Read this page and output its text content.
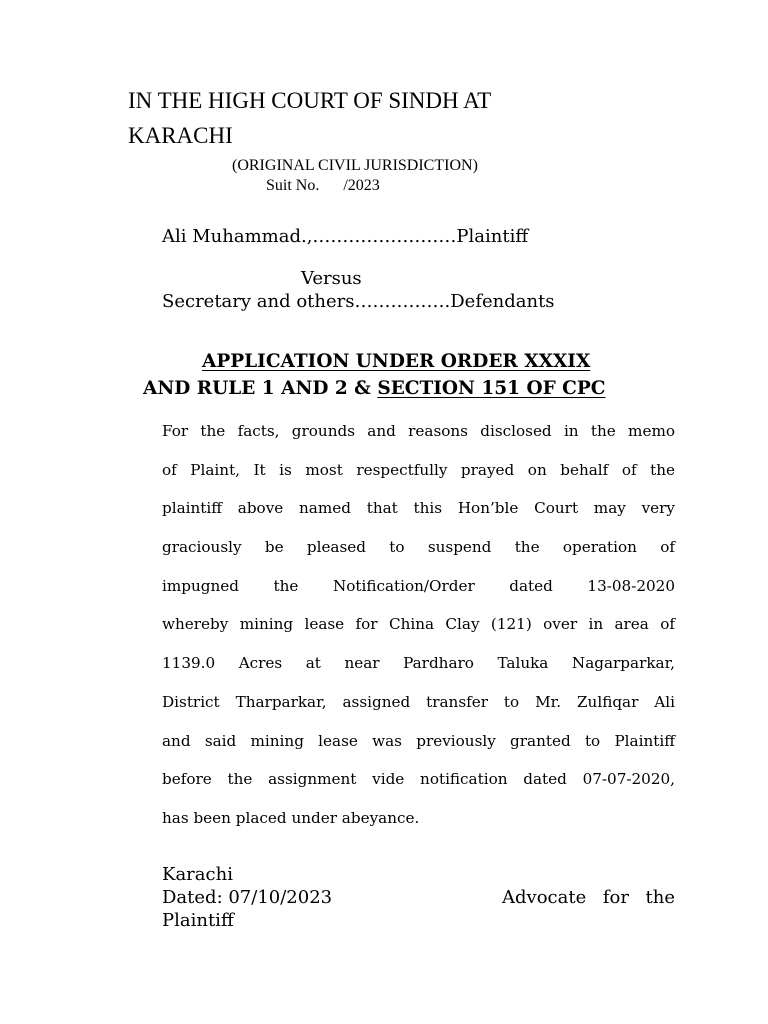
IN THE HIGH COURT OF SINDH AT
KARACHI
(ORIGINAL CIVIL JURISDICTION)
Suit No.      /2023
Ali Muhammad.,……………………Plaintiff
Versus
Secretary and others…………….Defendants
APPLICATION UNDER ORDER XXXIX
AND RULE 1 AND 2 & SECTION 151 OF CPC
For the facts, grounds and reasons disclosed in the memo
of Plaint, It is most respectfully prayed on behalf of the
plaintiff above named that this Hon’ble Court may very
graciously be pleased to suspend the operation of
impugned the Notification/Order dated 13-08-2020
whereby mining lease for China Clay (121) over in area of
1139.0 Acres at near Pardharo Taluka Nagarparkar,
District Tharparkar, assigned transfer to Mr. Zulfiqar Ali
and said mining lease was previously granted to Plaintiff
before the assignment vide notification dated 07-07-2020,
has been placed under abeyance.
Karachi
Dated: 07/10/2023	Advocate for the
Plaintiff
